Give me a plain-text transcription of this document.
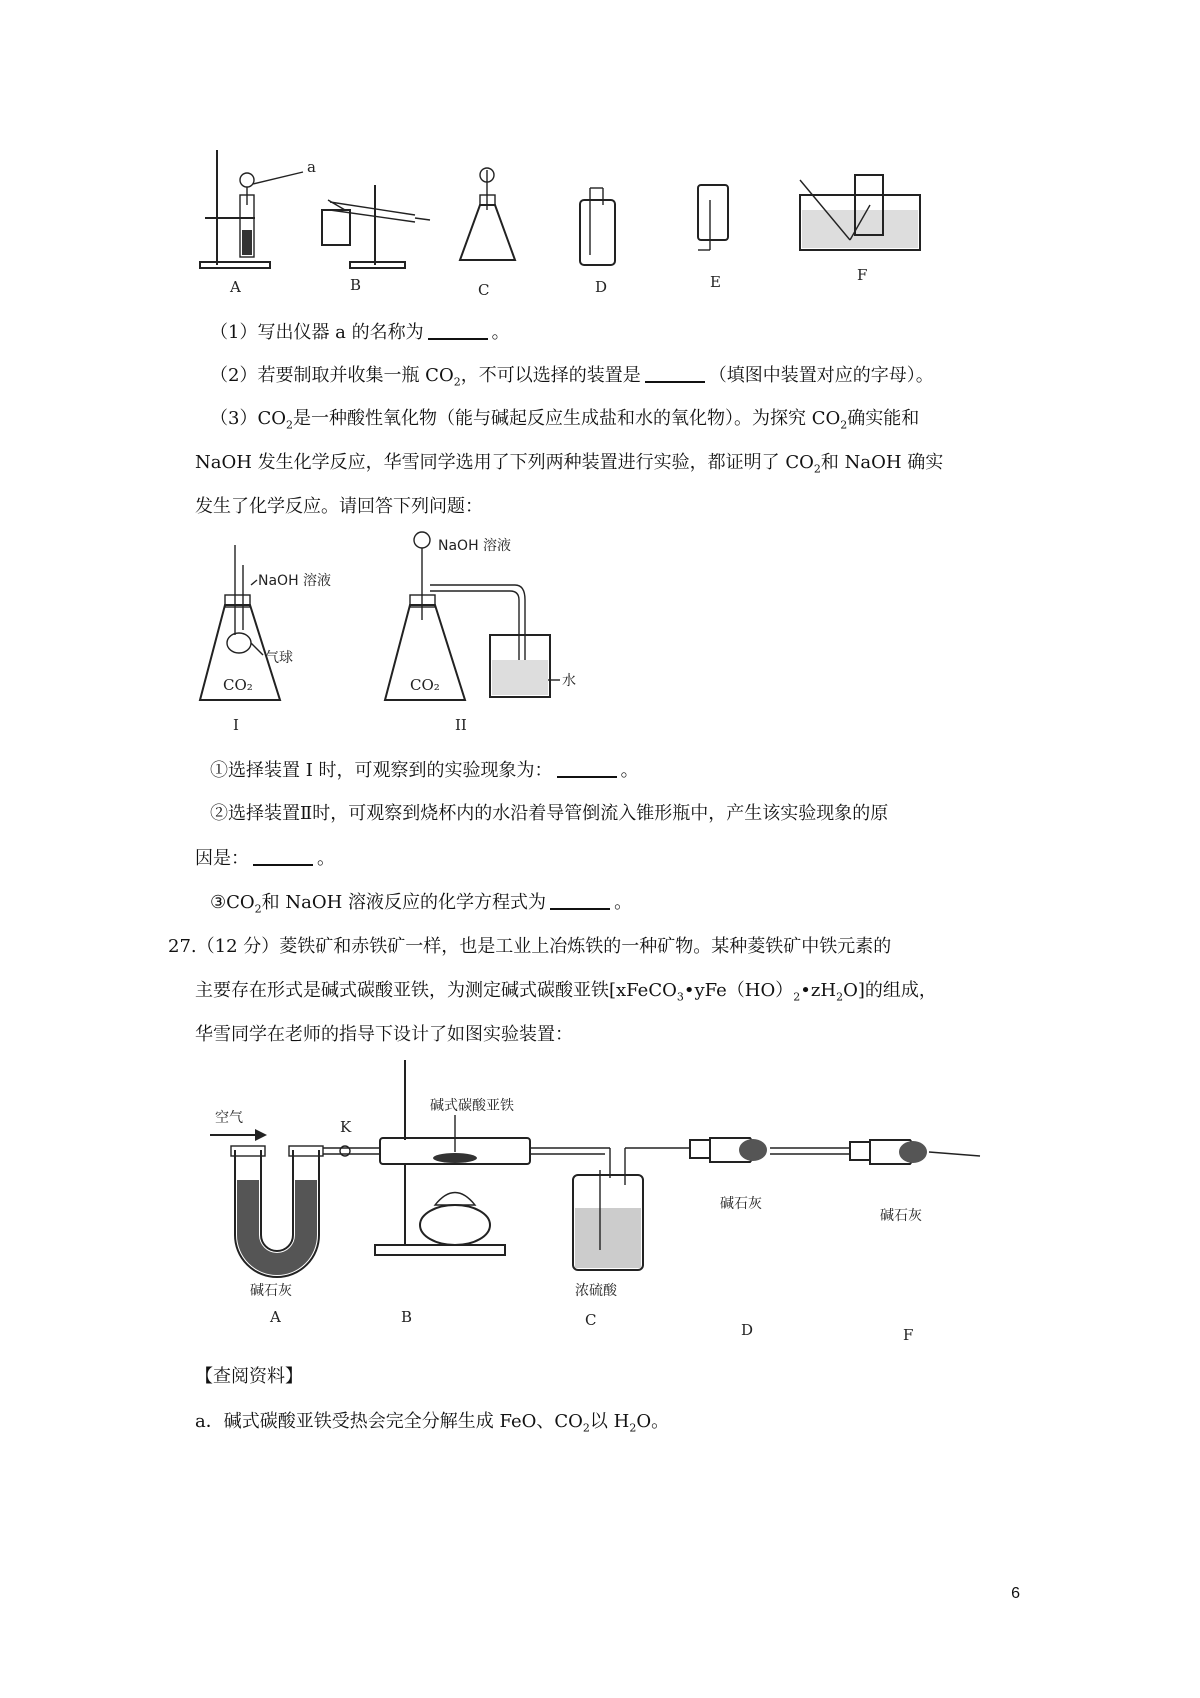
a
A	B	C	D	E	F
（1）写出仪器 a 的名称为	。
（2）若要制取并收集一瓶 $CO_2$，不可以选择的装置是	（填图中装置对应的字母）。
$(3)CO_2$是一种酸性氧化物（能与碱起反应生成盐和水的氧化物）。为探究 $CO_2$确实能和
NaOH 发生化学反应，华雪同学选用了下列两种装置进行实验，都证明了 $CO_2$和 NaOH 确实
发生了化学反应。请回答下列问题：
NaOH 溶液
气球
CO₂
I
NaOH 溶液
CO₂	水
II
①选择装置 I 时，可观察到的实验现象为：	。
②选择装置Ⅱ时，可观察到烧杯内的水沿着导管倒流入锥形瓶中，产生该实验现象的原
因是：	。
$③CO_2$和 NaOH 溶液反应的化学方程式为	。
27.（12 分）菱铁矿和赤铁矿一样，也是工业上冶炼铁的一种矿物。某种菱铁矿中铁元素的
主要存在形式是碱式碳酸亚铁，为测定碱式碳酸亚铁$[xFeCO_3•yFe(HO)_2•zH_2O]$的组成，
华雪同学在老师的指导下设计了如图实验装置：
空气
碱石灰
A
K
碱式碳酸亚铁
B
浓硫酸
C
碱石灰
D
碱石灰
F
【查阅资料】
a．碱式碳酸亚铁受热会完全分解生成 FeO、$CO_2$以 $H_2O$。
6
